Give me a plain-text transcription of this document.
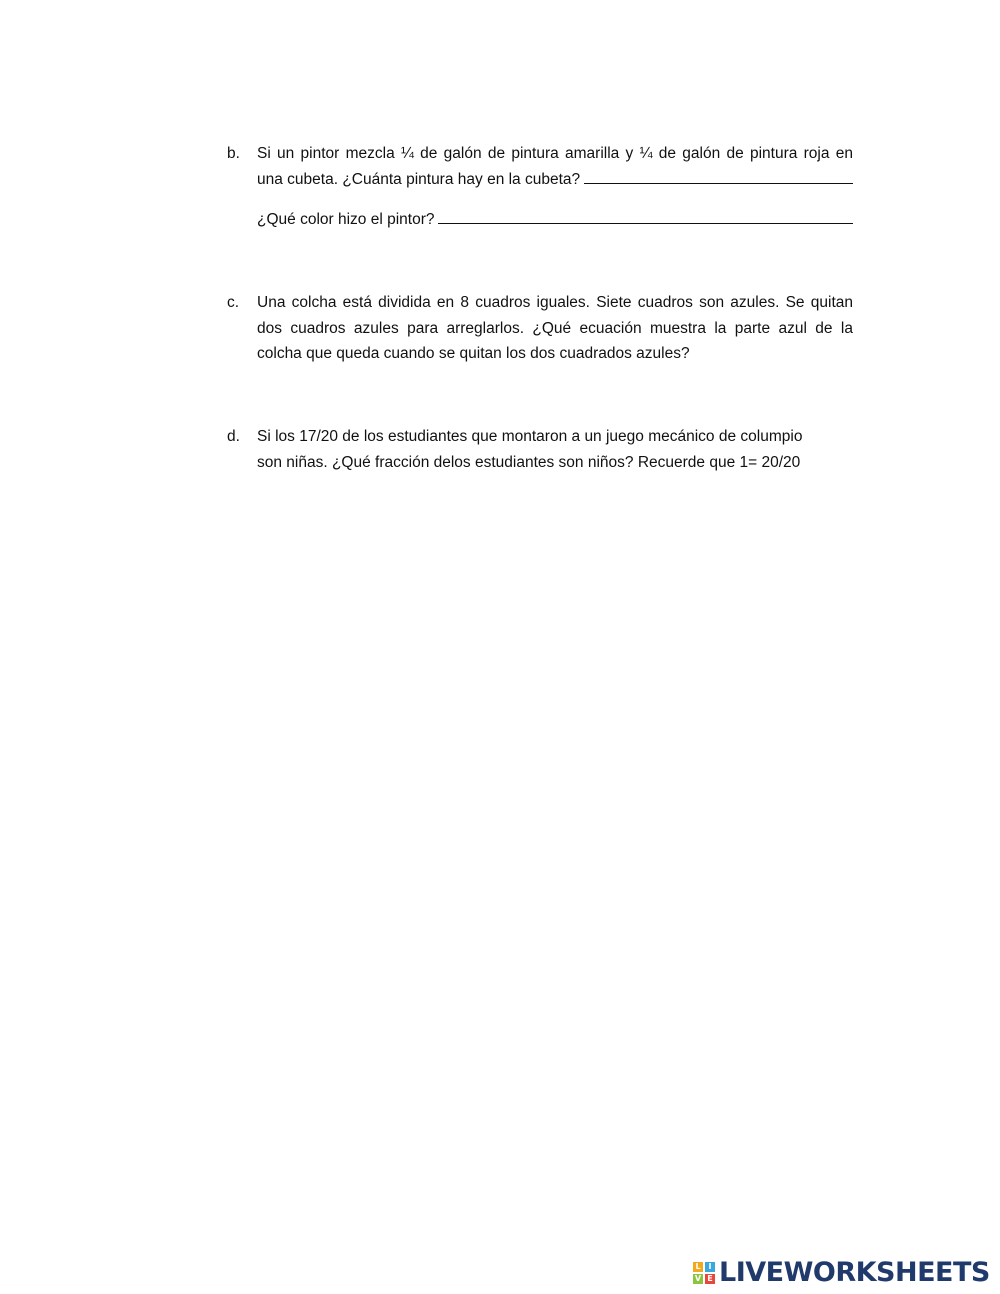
b. Si un pintor mezcla ¼ de galón de pintura amarilla y ¼ de galón de pintura roja en
una cubeta. ¿Cuánta pintura hay en la cubeta?
¿Qué color hizo el pintor?
c. Una colcha está dividida en 8 cuadros iguales. Siete cuadros son azules. Se quitan
dos cuadros azules para arreglarlos. ¿Qué ecuación muestra la parte azul de la
colcha que queda cuando se quitan los dos cuadrados azules?
d. Si los 17/20 de los estudiantes que montaron a un juego mecánico de columpio
son niñas. ¿Qué fracción delos estudiantes son niños? Recuerde que 1= 20/20
L I
V E LIVEWORKSHEETS
